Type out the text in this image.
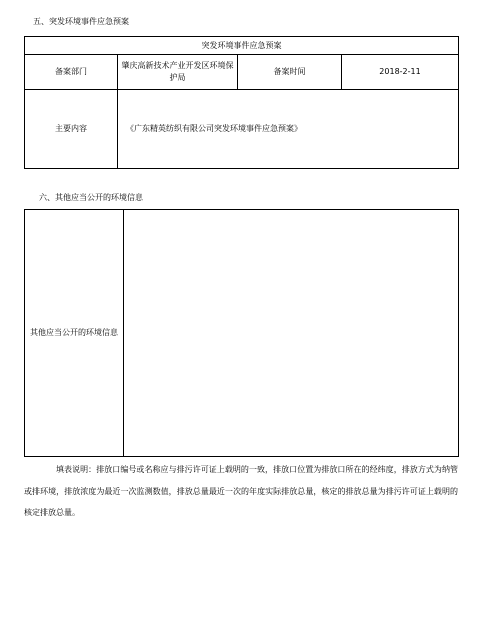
五、突发环境事件应急预案
突发环境事件应急预案			
备案部门	肇庆高新技术产业开发区环境保护局	备案时间	2018-2-11
主要内容	《广东精英纺织有限公司突发环境事件应急预案》		
六、其他应当公开的环境信息
其他应当公开的环境信息	

填表说明：排放口编号或名称应与排污许可证上载明的一致，排放口位置为排放口所在的经纬度，排放方式为纳管或排环境，排放浓度为最近一次监测数值，排放总量最近一次的年度实际排放总量，核定的排放总量为排污许可证上载明的核定排放总量。
